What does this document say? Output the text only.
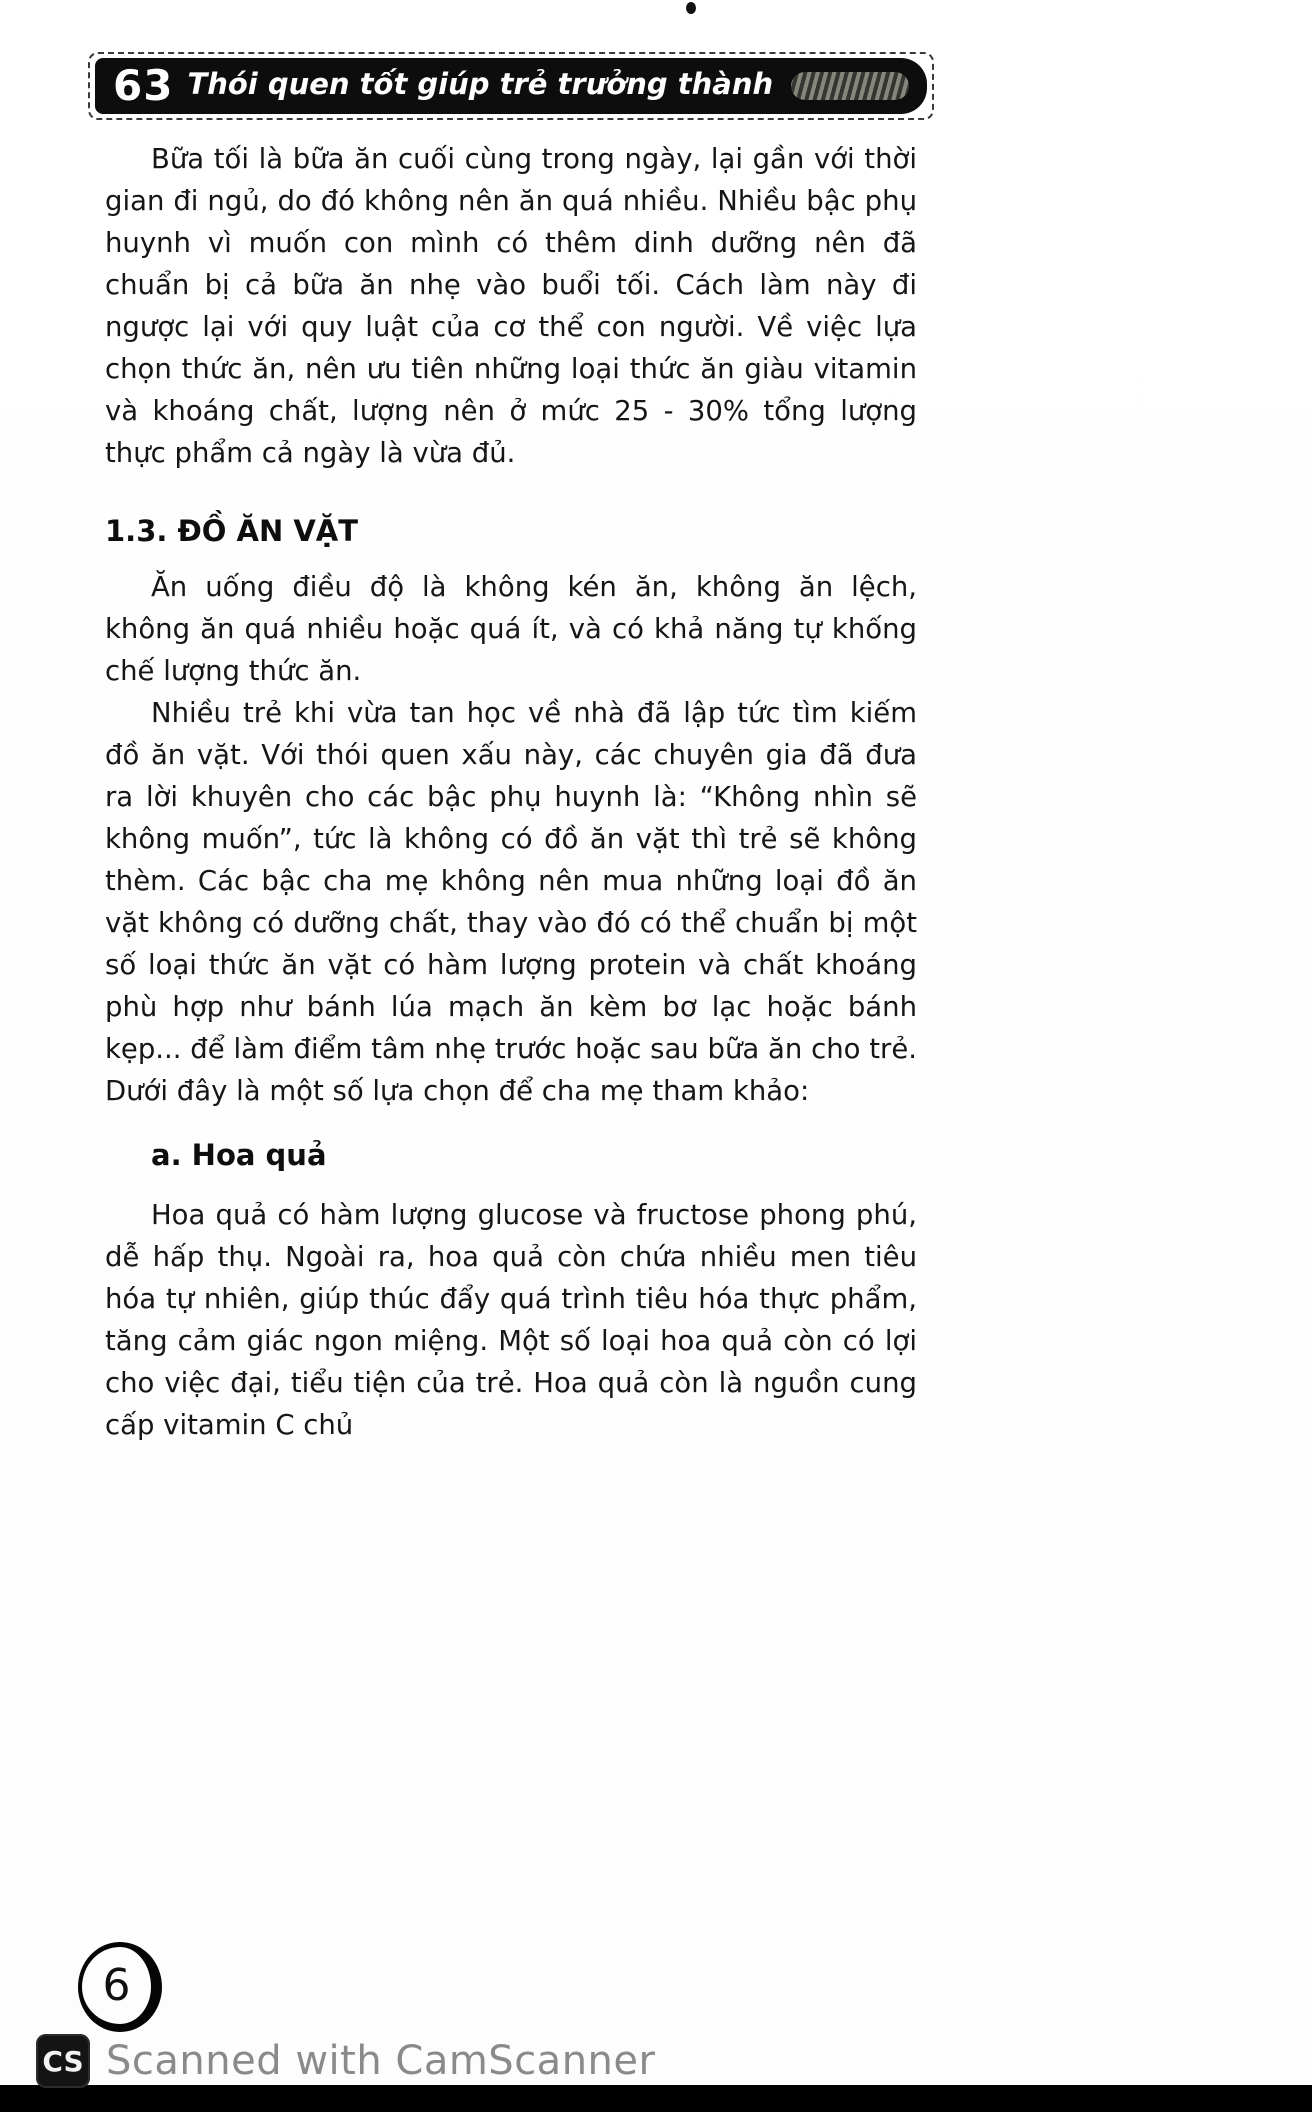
63 Thói quen tốt giúp trẻ trưởng thành

Bữa tối là bữa ăn cuối cùng trong ngày, lại gần với thời gian đi ngủ, do đó không nên ăn quá nhiều. Nhiều bậc phụ huynh vì muốn con mình có thêm dinh dưỡng nên đã chuẩn bị cả bữa ăn nhẹ vào buổi tối. Cách làm này đi ngược lại với quy luật của cơ thể con người. Về việc lựa chọn thức ăn, nên ưu tiên những loại thức ăn giàu vitamin và khoáng chất, lượng nên ở mức 25 - 30% tổng lượng thực phẩm cả ngày là vừa đủ.

1.3. ĐỒ ĂN VẶT

Ăn uống điều độ là không kén ăn, không ăn lệch, không ăn quá nhiều hoặc quá ít, và có khả năng tự khống chế lượng thức ăn.

Nhiều trẻ khi vừa tan học về nhà đã lập tức tìm kiếm đồ ăn vặt. Với thói quen xấu này, các chuyên gia đã đưa ra lời khuyên cho các bậc phụ huynh là: “Không nhìn sẽ không muốn”, tức là không có đồ ăn vặt thì trẻ sẽ không thèm. Các bậc cha mẹ không nên mua những loại đồ ăn vặt không có dưỡng chất, thay vào đó có thể chuẩn bị một số loại thức ăn vặt có hàm lượng protein và chất khoáng phù hợp như bánh lúa mạch ăn kèm bơ lạc hoặc bánh kẹp... để làm điểm tâm nhẹ trước hoặc sau bữa ăn cho trẻ. Dưới đây là một số lựa chọn để cha mẹ tham khảo:

a. Hoa quả

Hoa quả có hàm lượng glucose và fructose phong phú, dễ hấp thụ. Ngoài ra, hoa quả còn chứa nhiều men tiêu hóa tự nhiên, giúp thúc đẩy quá trình tiêu hóa thực phẩm, tăng cảm giác ngon miệng. Một số loại hoa quả còn có lợi cho việc đại, tiểu tiện của trẻ. Hoa quả còn là nguồn cung cấp vitamin C chủ

6
CS Scanned with CamScanner
